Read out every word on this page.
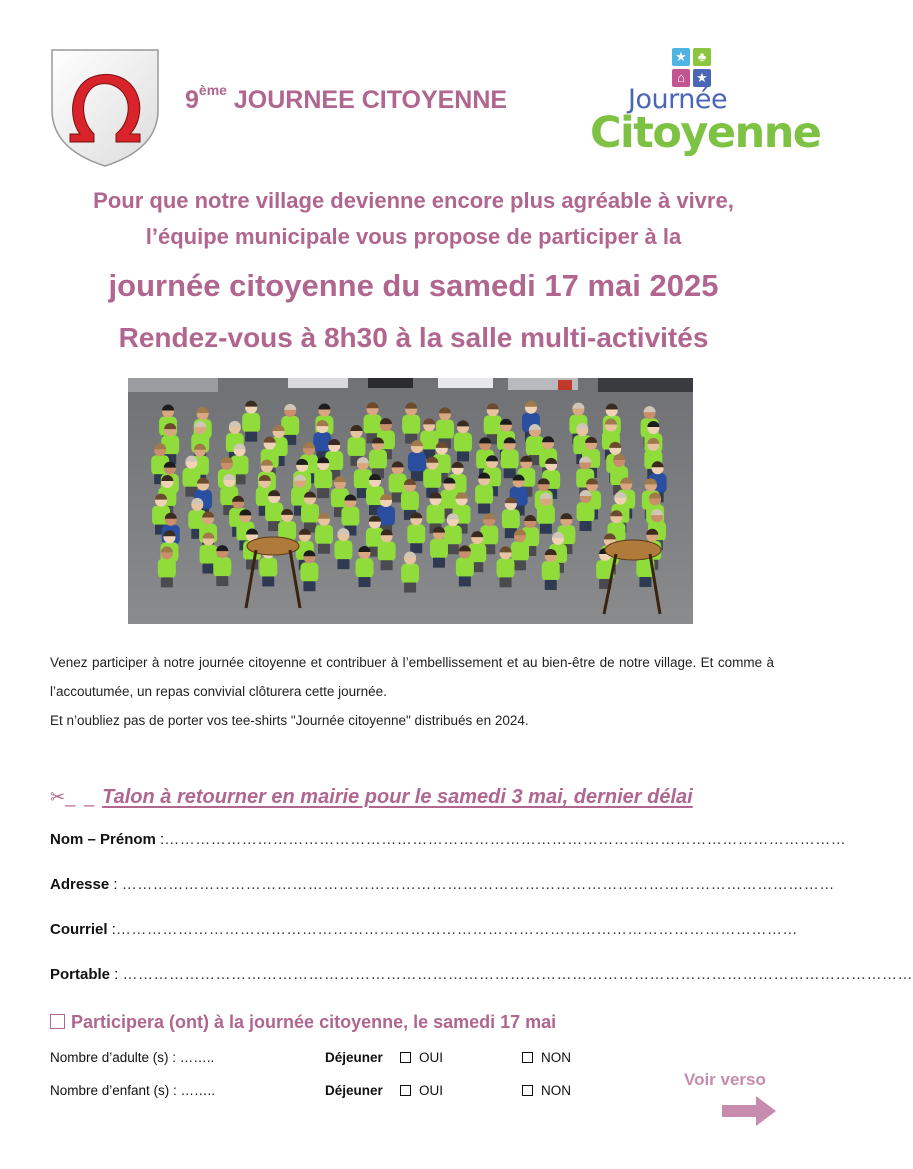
9ème JOURNEE CITOYENNE
★ ♣
⌂ ★
Journée
Citoyenne
Pour que notre village devienne encore plus agréable à vivre,
l’équipe municipale vous propose de participer à la
journée citoyenne du samedi 17 mai 2025
Rendez-vous à 8h30 à la salle multi-activités
Venez participer à notre journée citoyenne et contribuer à l’embellissement et au bien-être de notre village. Et comme à l’accoutumée, un repas convivial clôturera cette journée.
Et n’oubliez pas de porter vos tee-shirts "Journée citoyenne" distribués en 2024.
✂_ _ Talon à retourner en mairie pour le samedi 3 mai, dernier délai
Nom – Prénom :……………………………………………………………………………………………………………………
Adresse : …………………………………………………………………………………………………………………………
Courriel :……………………………………………………………………………………………………………………
Portable : ………………………………………………………………………………………………………………………………………
Participera (ont) à la journée citoyenne, le samedi 17 mai
Nombre d’adulte (s) : ……..	Déjeuner	OUI	NON
Nombre d’enfant (s) : ……..	Déjeuner	OUI	NON
Voir verso
